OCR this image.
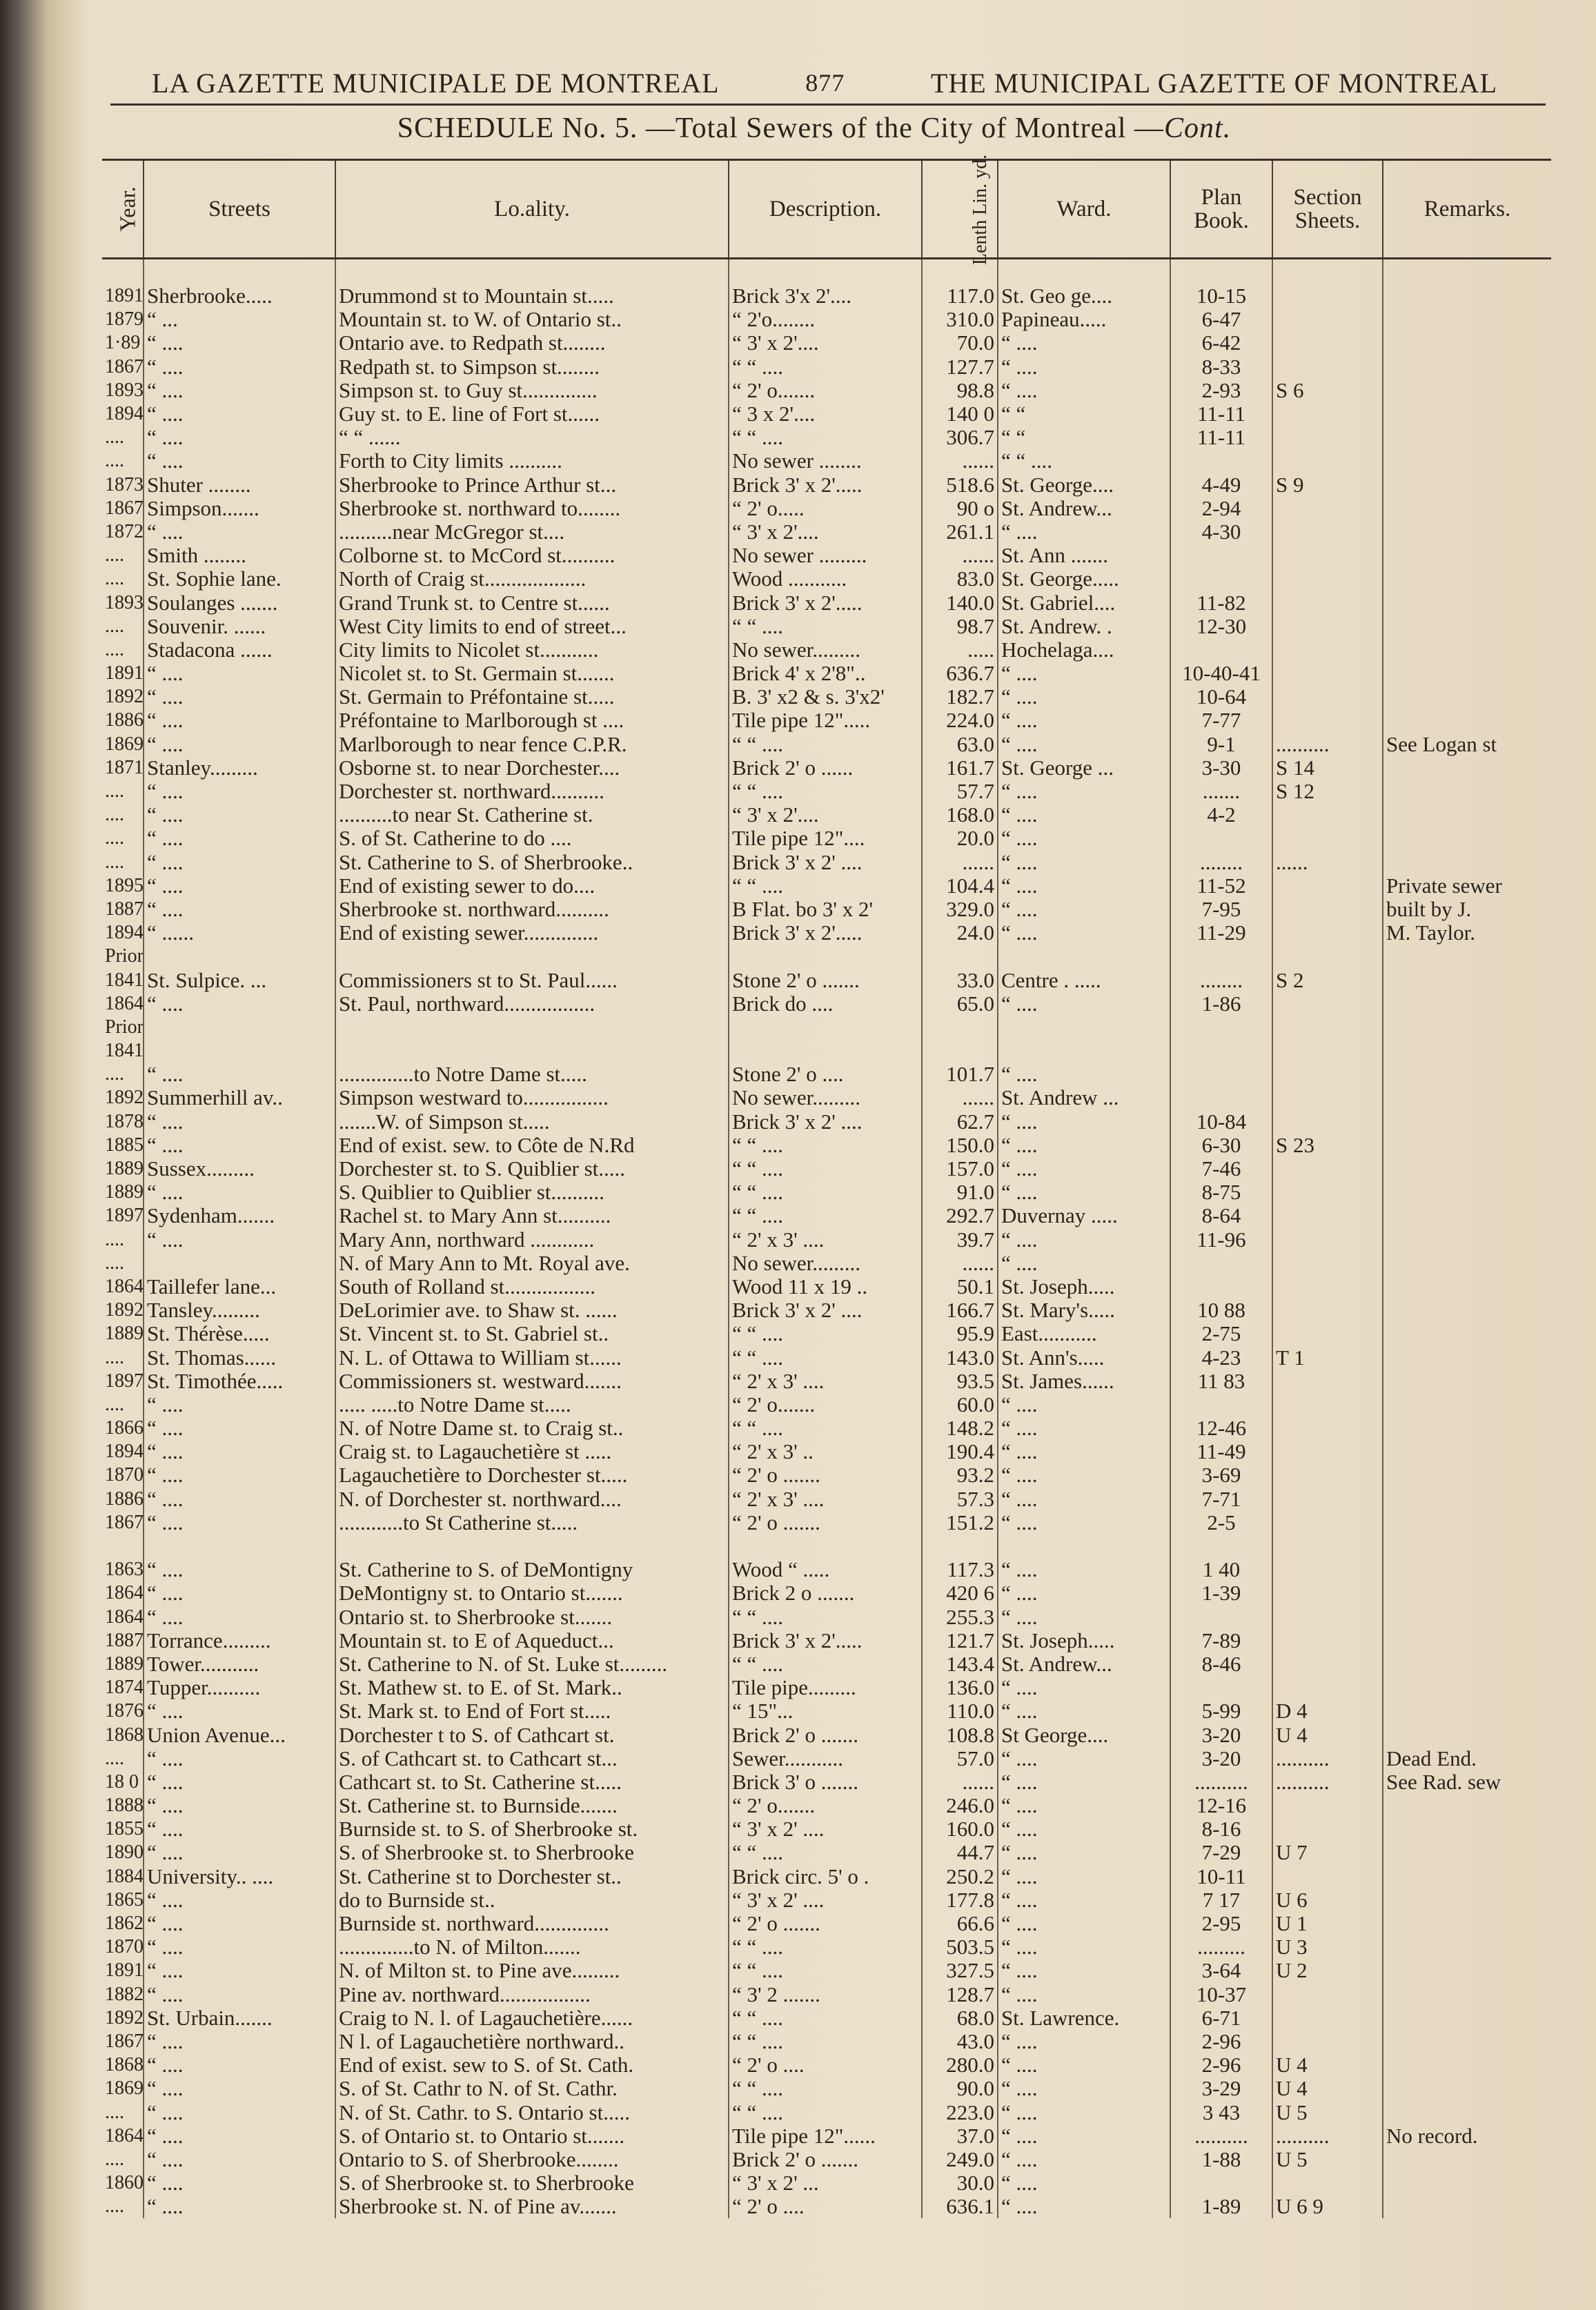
LA GAZETTE MUNICIPALE DE MONTREAL	877	THE MUNICIPAL GAZETTE OF MONTREAL
SCHEDULE No. 5. —Total Sewers of the City of Montreal —Cont.
Year.	Streets	Lo.ality.	Description.	Lenth Lin. yd.	Ward.	Plan Book.	Section Sheets.	Remarks.

1891	Sherbrooke.....	Drummond st to Mountain st.....	Brick 3'x 2'....	117.0	St. Geo ge....	10-15		
1879	“ ...	Mountain st. to W. of Ontario st..	“ 2'o........	310.0	Papineau.....	6-47		
1·89	“ ....	Ontario ave. to Redpath st........	“ 3' x 2'....	70.0	“ ....	6-42		
1867	“ ....	Redpath st. to Simpson st........	“ “ ....	127.7	“ ....	8-33		
1893	“ ....	Simpson st. to Guy st..............	“ 2' o.......	98.8	“ ....	2-93	S 6	
1894	“ ....	Guy st. to E. line of Fort st......	“ 3 x 2'....	140 0	“ “	11-11		
....	“ ....	“ “ ......	“ “ ....	306.7	“ “	11-11		
....	“ ....	Forth to City limits ..........	No sewer ........	......	“ “ ....			
1873	Shuter ........	Sherbrooke to Prince Arthur st...	Brick 3' x 2'.....	518.6	St. George....	4-49	S 9	
1867	Simpson.......	Sherbrooke st. northward to........	“ 2' o.....	90 o	St. Andrew...	2-94		
1872	“ ....	..........near McGregor st....	“ 3' x 2'....	261.1	“ ....	4-30		
....	Smith ........	Colborne st. to McCord st..........	No sewer .........	......	St. Ann .......			
....	St. Sophie lane.	North of Craig st...................	Wood ...........	83.0	St. George.....			
1893	Soulanges .......	Grand Trunk st. to Centre st......	Brick 3' x 2'.....	140.0	St. Gabriel....	11-82		
....	Souvenir. ......	West City limits to end of street...	“ “ ....	98.7	St. Andrew. .	12-30		
....	Stadacona ......	City limits to Nicolet st...........	No sewer.........	.....	Hochelaga....			
1891	“ ....	Nicolet st. to St. Germain st.......	Brick 4' x 2'8"..	636.7	“ ....	10-40-41		
1892	“ ....	St. Germain to Préfontaine st.....	B. 3' x2 & s. 3'x2'	182.7	“ ....	10-64		
1886	“ ....	Préfontaine to Marlborough st ....	Tile pipe 12".....	224.0	“ ....	7-77		
1869	“ ....	Marlborough to near fence C.P.R.	“ “ ....	63.0	“ ....	9-1	..........	See Logan st
1871	Stanley.........	Osborne st. to near Dorchester....	Brick 2' o ......	161.7	St. George ...	3-30	S 14	
....	“ ....	Dorchester st. northward..........	“ “ ....	57.7	“ ....	.......	S 12	
....	“ ....	..........to near St. Catherine st.	“ 3' x 2'....	168.0	“ ....	4-2		
....	“ ....	S. of St. Catherine to do ....	Tile pipe 12"....	20.0	“ ....			
....	“ ....	St. Catherine to S. of Sherbrooke..	Brick 3' x 2' ....	......	“ ....	........	......	
1895	“ ....	End of existing sewer to do....	“ “ ....	104.4	“ ....	11-52		Private sewer
1887	“ ....	Sherbrooke st. northward..........	B Flat. bo 3' x 2'	329.0	“ ....	7-95		built by J.
1894	“ ......	End of existing sewer..............	Brick 3' x 2'.....	24.0	“ ....	11-29		M. Taylor.
Prior								
1841	St. Sulpice. ...	Commissioners st to St. Paul......	Stone 2' o .......	33.0	Centre . .....	........	S 2	
1864	“ ....	St. Paul, northward.................	Brick do ....	65.0	“ ....	1-86		
Prior								
1841								
....	“ ....	..............to Notre Dame st.....	Stone 2' o ....	101.7	“ ....			
1892	Summerhill av..	Simpson westward to................	No sewer.........	......	St. Andrew ...			
1878	“ ....	.......W. of Simpson st.....	Brick 3' x 2' ....	62.7	“ ....	10-84		
1885	“ ....	End of exist. sew. to Côte de N.Rd	“ “ ....	150.0	“ ....	6-30	S 23	
1889	Sussex.........	Dorchester st. to S. Quiblier st.....	“ “ ....	157.0	“ ....	7-46		
1889	“ ....	S. Quiblier to Quiblier st..........	“ “ ....	91.0	“ ....	8-75		
1897	Sydenham.......	Rachel st. to Mary Ann st..........	“ “ ....	292.7	Duvernay .....	8-64		
....	“ ....	Mary Ann, northward ............	“ 2' x 3' ....	39.7	“ ....	11-96		
....		N. of Mary Ann to Mt. Royal ave.	No sewer.........	......	“ ....			
1864	Taillefer lane...	South of Rolland st.................	Wood 11 x 19 ..	50.1	St. Joseph.....			
1892	Tansley.........	DeLorimier ave. to Shaw st. ......	Brick 3' x 2' ....	166.7	St. Mary's.....	10 88		
1889	St. Thérèse.....	St. Vincent st. to St. Gabriel st..	“ “ ....	95.9	East...........	2-75		
....	St. Thomas......	N. L. of Ottawa to William st......	“ “ ....	143.0	St. Ann's.....	4-23	T 1	
1897	St. Timothée.....	Commissioners st. westward.......	“ 2' x 3' ....	93.5	St. James......	11 83		
....	“ ....	..... .....to Notre Dame st.....	“ 2' o.......	60.0	“ ....			
1866	“ ....	N. of Notre Dame st. to Craig st..	“ “ ....	148.2	“ ....	12-46		
1894	“ ....	Craig st. to Lagauchetière st .....	“ 2' x 3' ..	190.4	“ ....	11-49		
1870	“ ....	Lagauchetière to Dorchester st.....	“ 2' o .......	93.2	“ ....	3-69		
1886	“ ....	N. of Dorchester st. northward....	“ 2' x 3' ....	57.3	“ ....	7-71		
1867	“ ....	............to St Catherine st.....	“ 2' o .......	151.2	“ ....	2-5		

1863	“ ....	St. Catherine to S. of DeMontigny	Wood “ .....	117.3	“ ....	1 40		
1864	“ ....	DeMontigny st. to Ontario st.......	Brick 2 o .......	420 6	“ ....	1-39		
1864	“ ....	Ontario st. to Sherbrooke st.......	“ “ ....	255.3	“ ....			
1887	Torrance.........	Mountain st. to E of Aqueduct...	Brick 3' x 2'.....	121.7	St. Joseph.....	7-89		
1889	Tower...........	St. Catherine to N. of St. Luke st.........	“ “ ....	143.4	St. Andrew...	8-46		
1874	Tupper..........	St. Mathew st. to E. of St. Mark..	Tile pipe.........	136.0	“ ....			
1876	“ ....	St. Mark st. to End of Fort st.....	“ 15"...	110.0	“ ....	5-99	D 4	
1868	Union Avenue...	Dorchester t to S. of Cathcart st.	Brick 2' o .......	108.8	St George....	3-20	U 4	
....	“ ....	S. of Cathcart st. to Cathcart st...	Sewer...........	57.0	“ ....	3-20	..........	Dead End.
18 0	“ ....	Cathcart st. to St. Catherine st.....	Brick 3' o .......	......	“ ....	..........	..........	See Rad. sew
1888	“ ....	St. Catherine st. to Burnside.......	“ 2' o.......	246.0	“ ....	12-16		
1855	“ ....	Burnside st. to S. of Sherbrooke st.	“ 3' x 2' ....	160.0	“ ....	8-16		
1890	“ ....	S. of Sherbrooke st. to Sherbrooke	“ “ ....	44.7	“ ....	7-29	U 7	
1884	University.. ....	St. Catherine st to Dorchester st..	Brick circ. 5' o .	250.2	“ ....	10-11		
1865	“ ....	do to Burnside st..	“ 3' x 2' ....	177.8	“ ....	7 17	U 6	
1862	“ ....	Burnside st. northward..............	“ 2' o .......	66.6	“ ....	2-95	U 1	
1870	“ ....	..............to N. of Milton.......	“ “ ....	503.5	“ ....	.........	U 3	
1891	“ ....	N. of Milton st. to Pine ave.........	“ “ ....	327.5	“ ....	3-64	U 2	
1882	“ ....	Pine av. northward.................	“ 3' 2 .......	128.7	“ ....	10-37		
1892	St. Urbain.......	Craig to N. l. of Lagauchetière......	“ “ ....	68.0	St. Lawrence.	6-71		
1867	“ ....	N l. of Lagauchetière northward..	“ “ ....	43.0	“ ....	2-96		
1868	“ ....	End of exist. sew to S. of St. Cath.	“ 2' o ....	280.0	“ ....	2-96	U 4	
1869	“ ....	S. of St. Cathr to N. of St. Cathr.	“ “ ....	90.0	“ ....	3-29	U 4	
....	“ ....	N. of St. Cathr. to S. Ontario st.....	“ “ ....	223.0	“ ....	3 43	U 5	
1864	“ ....	S. of Ontario st. to Ontario st.......	Tile pipe 12"......	37.0	“ ....	..........	..........	No record.
....	“ ....	Ontario to S. of Sherbrooke........	Brick 2' o .......	249.0	“ ....	1-88	U 5	
1860	“ ....	S. of Sherbrooke st. to Sherbrooke	“ 3' x 2' ...	30.0	“ ....			
....	“ ....	Sherbrooke st. N. of Pine av.......	“ 2' o ....	636.1	“ ....	1-89	U 6 9	
